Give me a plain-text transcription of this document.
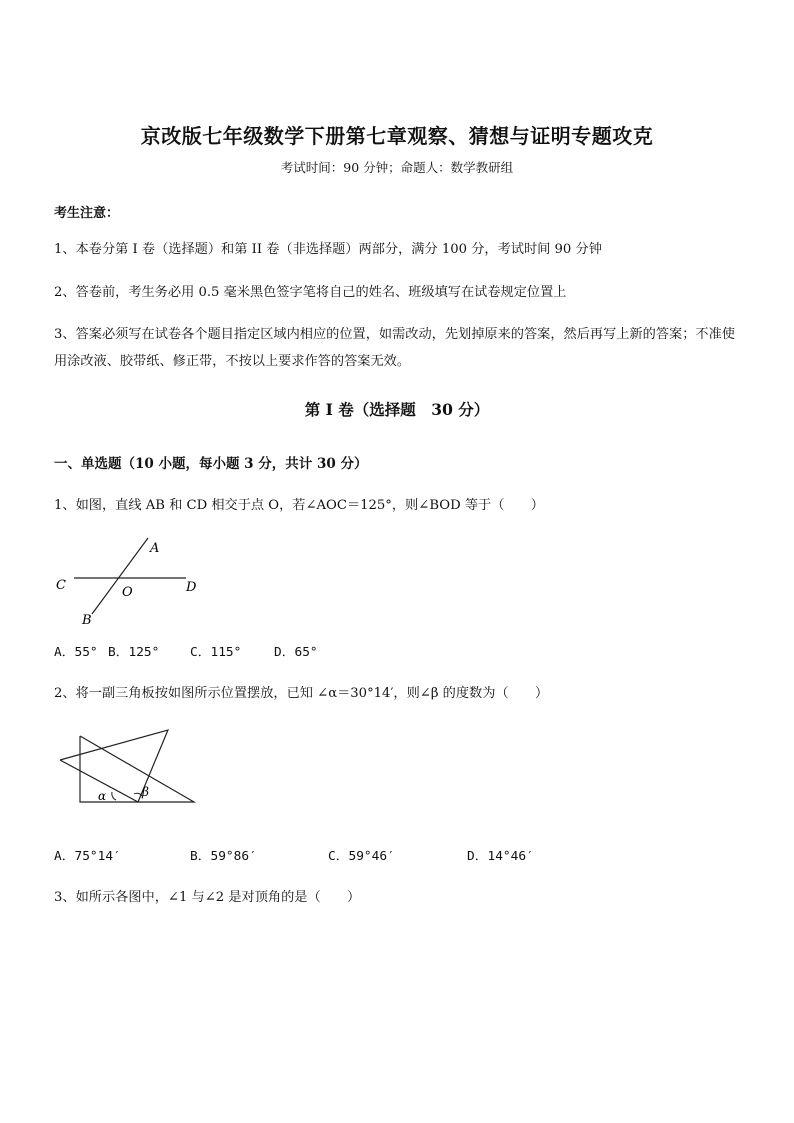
京改版七年级数学下册第七章观察、猜想与证明专题攻克
考试时间：90 分钟；命题人：数学教研组
考生注意：
1、本卷分第 I 卷（选择题）和第 II 卷（非选择题）两部分，满分 100 分，考试时间 90 分钟
2、答卷前，考生务必用 0.5 毫米黑色签字笔将自己的姓名、班级填写在试卷规定位置上
3、答案必须写在试卷各个题目指定区域内相应的位置，如需改动，先划掉原来的答案，然后再写上新的答案；不准使用涂改液、胶带纸、修正带，不按以上要求作答的答案无效。
第 I 卷（选择题　30 分）
一、单选题（10 小题，每小题 3 分，共计 30 分）
1、如图，直线 AB 和 CD 相交于点 O，若∠AOC＝125°，则∠BOD 等于（　　）
A
B
C	D
O
A．55° B．125° C．115°	D．65°
2、将一副三角板按如图所示位置摆放，已知 ∠α＝30°14′，则∠β 的度数为（　　）
α	β
A．75°14′	B．59°86′	C．59°46′	D．14°46′
3、如所示各图中，∠1 与∠2 是对顶角的是（　　）
